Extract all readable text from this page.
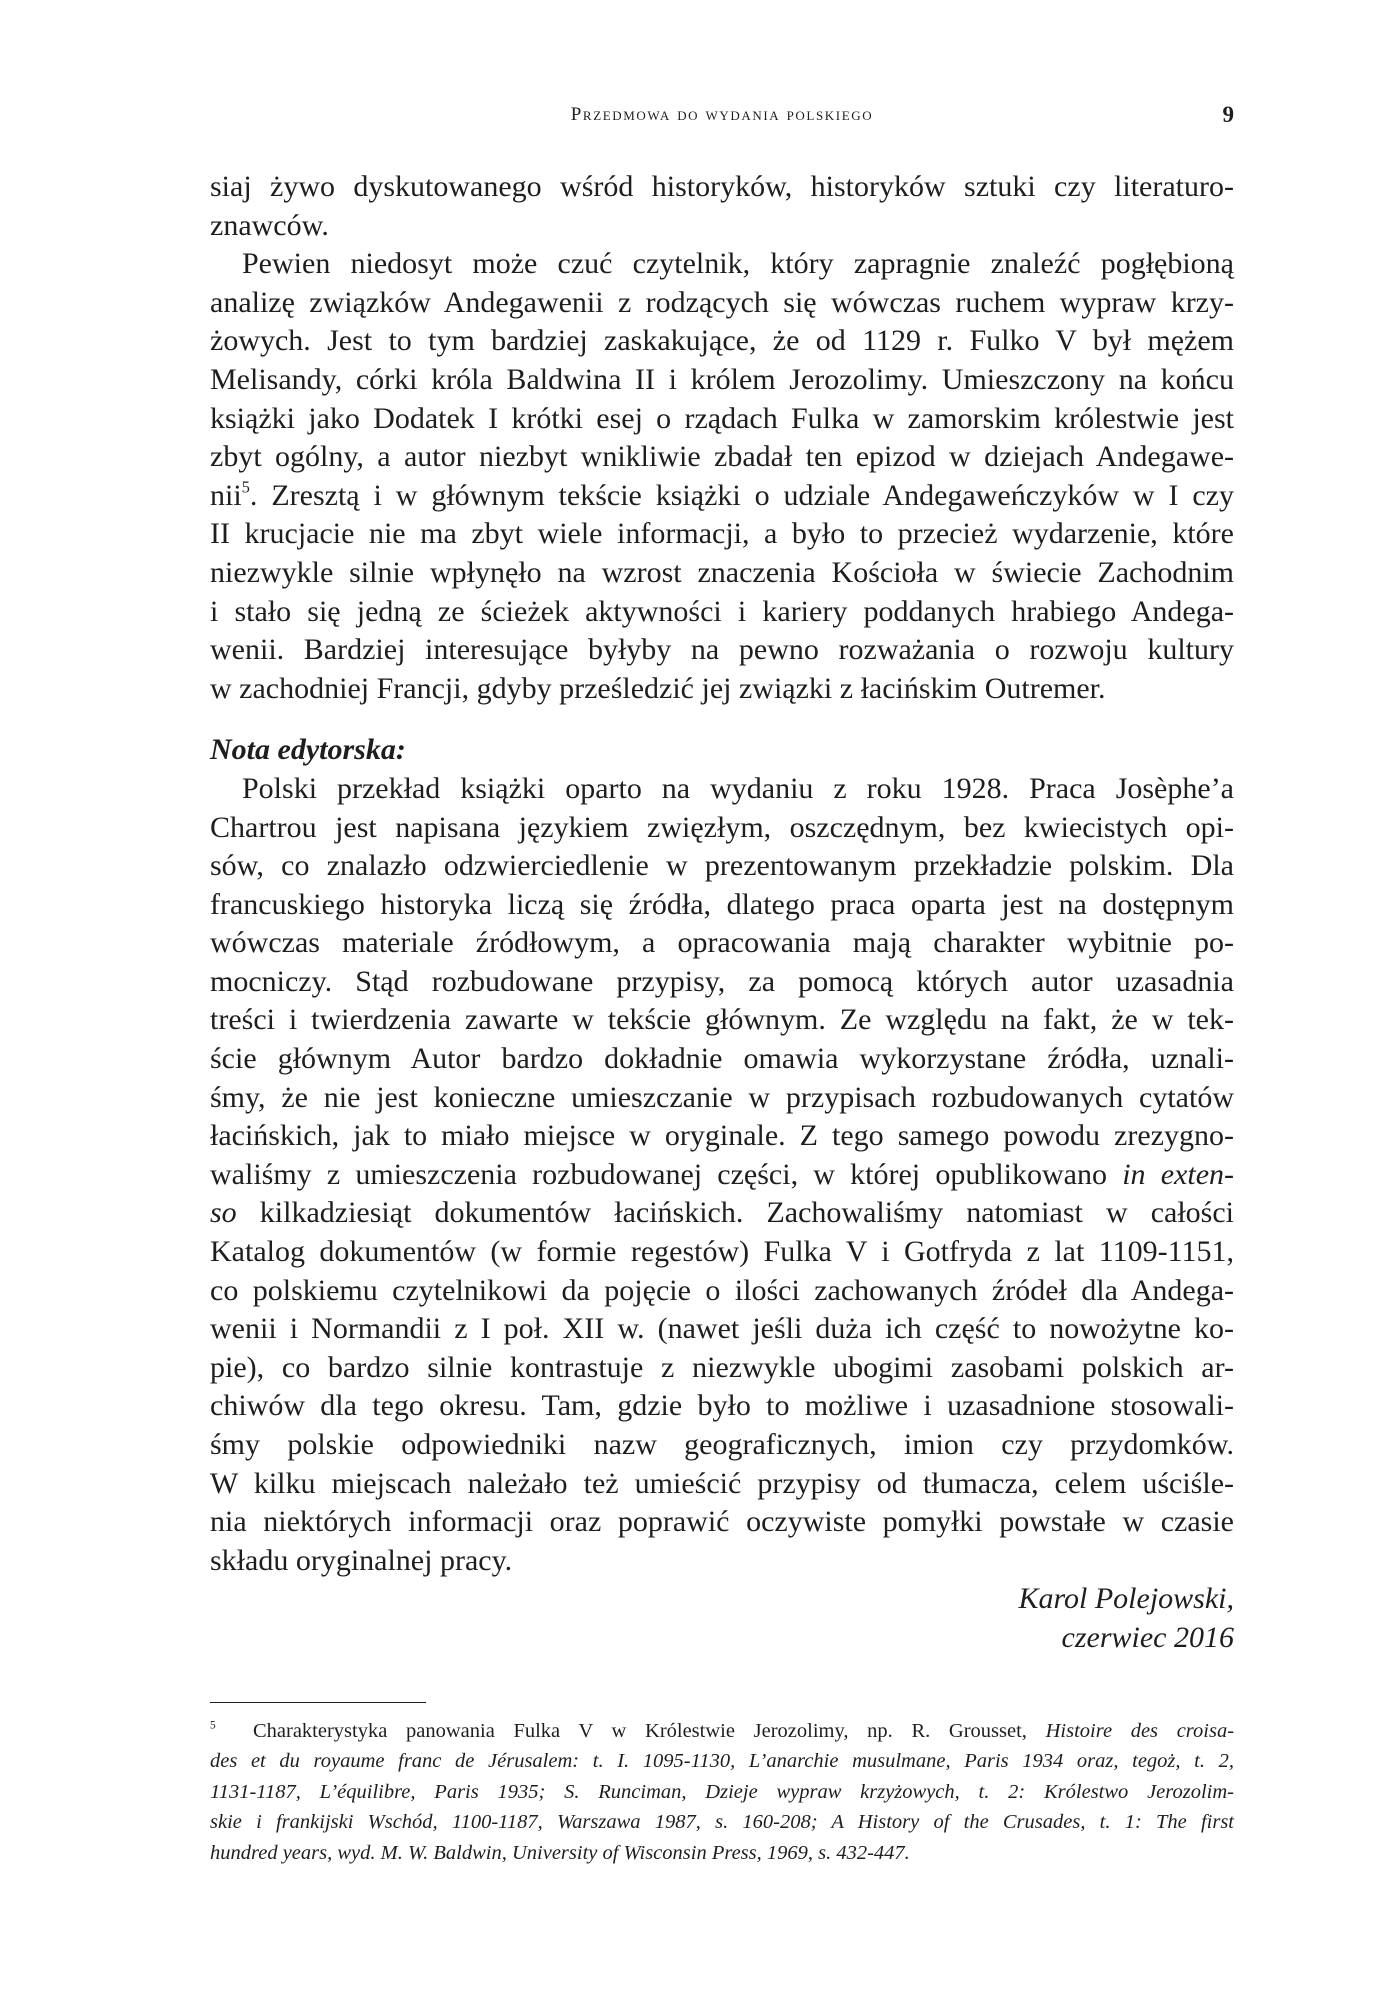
Przedmowa do wydania polskiego	9
siaj żywo dyskutowanego wśród historyków, historyków sztuki czy literaturo-
znawców.
Pewien niedosyt może czuć czytelnik, który zapragnie znaleźć pogłębioną
analizę związków Andegawenii z rodzących się wówczas ruchem wypraw krzy-
żowych. Jest to tym bardziej zaskakujące, że od 1129 r. Fulko V był mężem
Melisandy, córki króla Baldwina II i królem Jerozolimy. Umieszczony na końcu
książki jako Dodatek I krótki esej o rządach Fulka w zamorskim królestwie jest
zbyt ogólny, a autor niezbyt wnikliwie zbadał ten epizod w dziejach Andegawe-
nii$^5$. Zresztą i w głównym tekście książki o udziale Andegaweńczyków w I czy
II krucjacie nie ma zbyt wiele informacji, a było to przecież wydarzenie, które
niezwykle silnie wpłynęło na wzrost znaczenia Kościoła w świecie Zachodnim
i stało się jedną ze ścieżek aktywności i kariery poddanych hrabiego Andega-
wenii. Bardziej interesujące byłyby na pewno rozważania o rozwoju kultury
w zachodniej Francji, gdyby prześledzić jej związki z łacińskim Outremer.
Nota edytorska:
Polski przekład książki oparto na wydaniu z roku 1928. Praca Josèphe’a
Chartrou jest napisana językiem zwięzłym, oszczędnym, bez kwiecistych opi-
sów, co znalazło odzwierciedlenie w prezentowanym przekładzie polskim. Dla
francuskiego historyka liczą się źródła, dlatego praca oparta jest na dostępnym
wówczas materiale źródłowym, a opracowania mają charakter wybitnie po-
mocniczy. Stąd rozbudowane przypisy, za pomocą których autor uzasadnia
treści i twierdzenia zawarte w tekście głównym. Ze względu na fakt, że w tek-
ście głównym Autor bardzo dokładnie omawia wykorzystane źródła, uznali-
śmy, że nie jest konieczne umieszczanie w przypisach rozbudowanych cytatów
łacińskich, jak to miało miejsce w oryginale. Z tego samego powodu zrezygno-
waliśmy z umieszczenia rozbudowanej części, w której opublikowano in exten-
so kilkadziesiąt dokumentów łacińskich. Zachowaliśmy natomiast w całości
Katalog dokumentów (w formie regestów) Fulka V i Gotfryda z lat 1109-1151,
co polskiemu czytelnikowi da pojęcie o ilości zachowanych źródeł dla Andega-
wenii i Normandii z I poł. XII w. (nawet jeśli duża ich część to nowożytne ko-
pie), co bardzo silnie kontrastuje z niezwykle ubogimi zasobami polskich ar-
chiwów dla tego okresu. Tam, gdzie było to możliwe i uzasadnione stosowali-
śmy polskie odpowiedniki nazw geograficznych, imion czy przydomków.
W kilku miejscach należało też umieścić przypisy od tłumacza, celem uściśle-
nia niektórych informacji oraz poprawić oczywiste pomyłki powstałe w czasie
składu oryginalnej pracy.
Karol Polejowski,
czerwiec 2016
$^5$ Charakterystyka panowania Fulka V w Królestwie Jerozolimy, np. R. Grousset, Histoire des croisa-
des et du royaume franc de Jérusalem: t. I. 1095-1130, L’anarchie musulmane, Paris 1934 oraz, tegoż, t. 2,
1131-1187, L’équilibre, Paris 1935; S. Runciman, Dzieje wypraw krzyżowych, t. 2: Królestwo Jerozolim-
skie i frankijski Wschód, 1100-1187, Warszawa 1987, s. 160-208; A History of the Crusades, t. 1: The first
hundred years, wyd. M. W. Baldwin, University of Wisconsin Press, 1969, s. 432-447.
